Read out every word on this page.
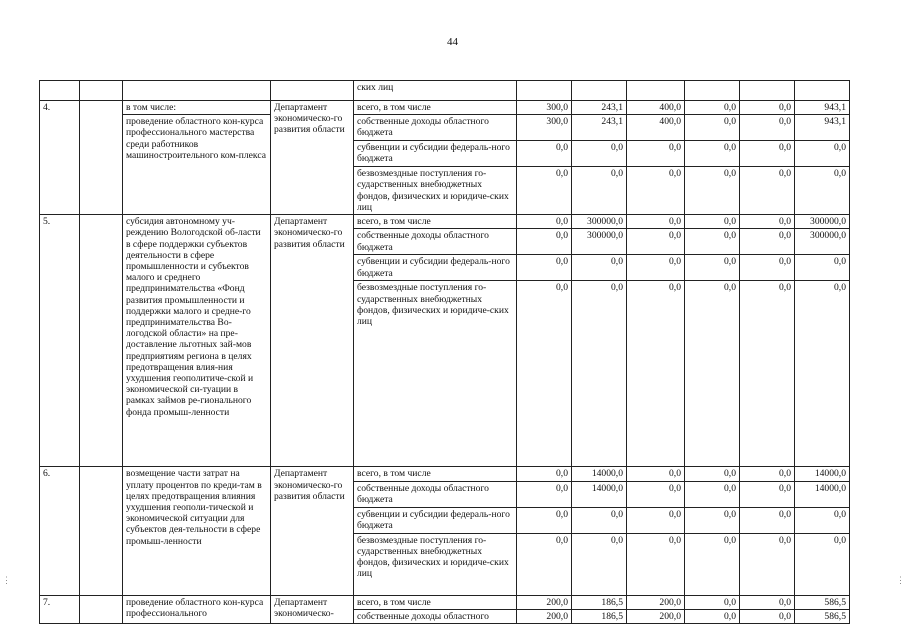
44
				ских лиц						
4.		в том числе:	Департамент экономическо-го развития области	всего, в том числе	300,0	243,1	400,0	0,0	0,0	943,1
		проведение областного кон-курса профессионального мастерства среди работников машиностроительного ком-плекса		собственные доходы областного бюджета	300,0	243,1	400,0	0,0	0,0	943,1
				субвенции и субсидии федераль-ного бюджета	0,0	0,0	0,0	0,0	0,0	0,0
				безвозмездные поступления го-сударственных внебюджетных фондов, физических и юридиче-ских лиц	0,0	0,0	0,0	0,0	0,0	0,0
5.		субсидия автономному уч-реждению Вологодской об-ласти в сфере поддержки субъектов деятельности в сфере промышленности и субъектов малого и среднего предпринимательства «Фонд развития промышленности и поддержки малого и средне-го предпринимательства Во-логодской области» на пре-доставление льготных зай-мов предприятиям региона в целях предотвращения влия-ния ухудшения геополитиче-ской и экономической си-туации в рамках займов ре-гионального фонда промыш-ленности	Департамент экономическо-го развития области	всего, в том числе	0,0	300000,0	0,0	0,0	0,0	300000,0
				собственные доходы областного бюджета	0,0	300000,0	0,0	0,0	0,0	300000,0
				субвенции и субсидии федераль-ного бюджета	0,0	0,0	0,0	0,0	0,0	0,0
				безвозмездные поступления го-сударственных внебюджетных фондов, физических и юридиче-ских лиц	0,0	0,0	0,0	0,0	0,0	0,0
6.		возмещение части затрат на уплату процентов по креди-там в целях предотвращения влияния ухудшения геополи-тической и экономической ситуации для субъектов дея-тельности в сфере промыш-ленности	Департамент экономическо-го развития области	всего, в том числе	0,0	14000,0	0,0	0,0	0,0	14000,0
				собственные доходы областного бюджета	0,0	14000,0	0,0	0,0	0,0	14000,0
				субвенции и субсидии федераль-ного бюджета	0,0	0,0	0,0	0,0	0,0	0,0
				безвозмездные поступления го-сударственных внебюджетных фондов, физических и юридиче-ских лиц	0,0	0,0	0,0	0,0	0,0	0,0
7.		проведение областного кон-курса профессионального	Департамент экономическо-	всего, в том числе	200,0	186,5	200,0	0,0	0,0	586,5
				собственные доходы областного	200,0	186,5	200,0	0,0	0,0	586,5
⋮	⋮
